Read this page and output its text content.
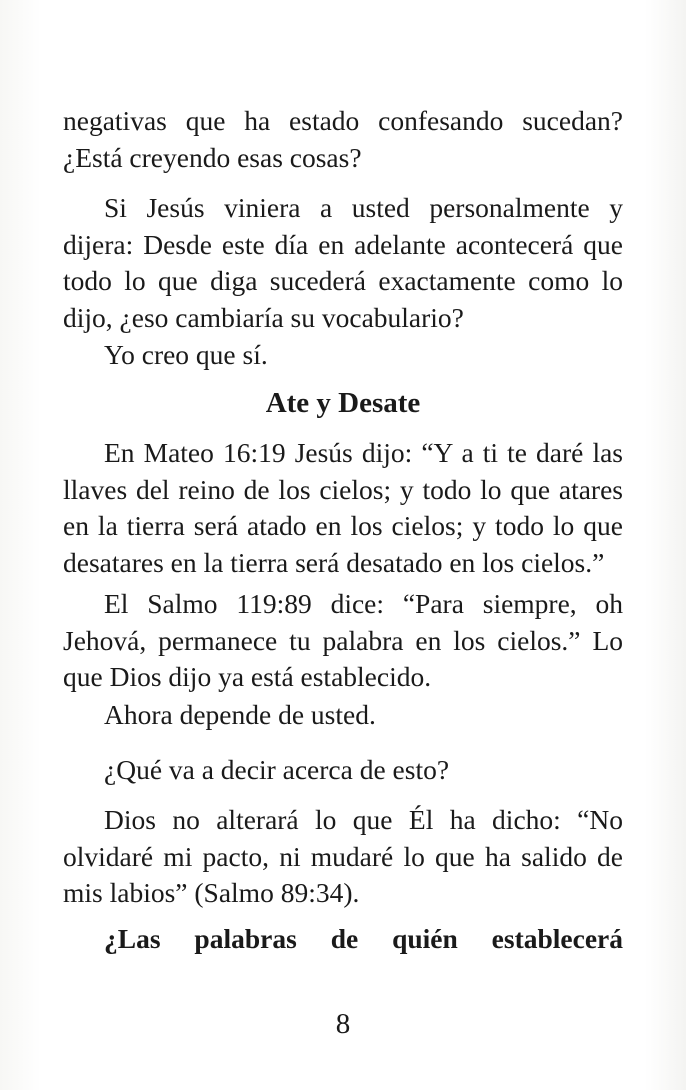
negativas que ha estado confesando sucedan? ¿Está creyendo esas cosas?

Si Jesús viniera a usted personalmente y dijera: Desde este día en adelante acontecerá que todo lo que diga sucederá exactamente como lo dijo, ¿eso cambiaría su vocabulario?

Yo creo que sí.

Ate y Desate

En Mateo 16:19 Jesús dijo: “Y a ti te daré las llaves del reino de los cielos; y todo lo que atares en la tierra será atado en los cielos; y todo lo que desatares en la tierra será desatado en los cielos.”

El Salmo 119:89 dice: “Para siempre, oh Jehová, permanece tu palabra en los cielos.” Lo que Dios dijo ya está establecido.

Ahora depende de usted.

¿Qué va a decir acerca de esto?

Dios no alterará lo que Él ha dicho: “No olvidaré mi pacto, ni mudaré lo que ha salido de mis labios” (Salmo 89:34).

¿Las palabras de quién establecerá

8
